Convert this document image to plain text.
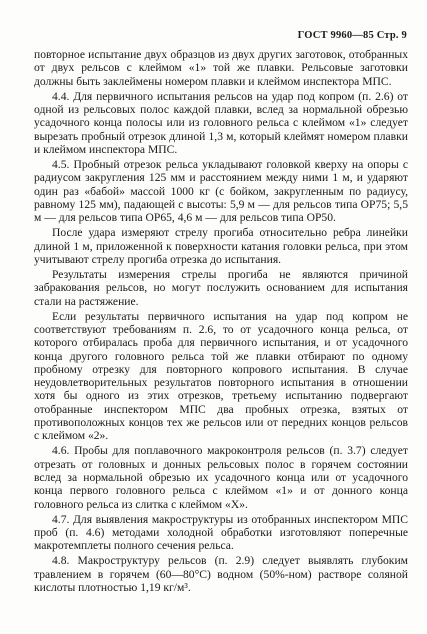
ГОСТ 9960—85 Стр. 9

повторное испытание двух образцов из двух других заготовок, отобранных от двух рельсов с клеймом «1» той же плавки. Рельсовые заготовки должны быть заклеймены номером плавки и клеймом инспектора МПС.

4.4. Для первичного испытания рельсов на удар под копром (п. 2.6) от одной из рельсовых полос каждой плавки, вслед за нормальной обрезью усадочного конца полосы или из головного рельса с клеймом «1» следует вырезать пробный отрезок длиной 1,3 м, который клеймят номером плавки и клеймом инспектора МПС.

4.5. Пробный отрезок рельса укладывают головкой кверху на опоры с радиусом закругления 125 мм и расстоянием между ними 1 м, и ударяют один раз «бабой» массой 1000 кг (с бойком, закругленным по радиусу, равному 125 мм), падающей с высоты: 5,9 м — для рельсов типа ОР75; 5,5 м — для рельсов типа ОР65, 4,6 м — для рельсов типа ОР50.

После удара измеряют стрелу прогиба относительно ребра линейки длиной 1 м, приложенной к поверхности катания головки рельса, при этом учитывают стрелу прогиба отрезка до испытания.

Результаты измерения стрелы прогиба не являются причиной забракования рельсов, но могут послужить основанием для испытания стали на растяжение.

Если результаты первичного испытания на удар под копром не соответствуют требованиям п. 2.6, то от усадочного конца рельса, от которого отбиралась проба для первичного испытания, и от усадочного конца другого головного рельса той же плавки отбирают по одному пробному отрезку для повторного копрового испытания. В случае неудовлетворительных результатов повторного испытания в отношении хотя бы одного из этих отрезков, третьему испытанию подвергают отобранные инспектором МПС два пробных отрезка, взятых от противоположных концов тех же рельсов или от передних концов рельсов с клеймом «2».

4.6. Пробы для поплавочного макроконтроля рельсов (п. 3.7) следует отрезать от головных и донных рельсовых полос в горячем состоянии вслед за нормальной обрезью их усадочного конца или от усадочного конца первого головного рельса с клеймом «1» и от донного конца головного рельса из слитка с клеймом «Х».

4.7. Для выявления макроструктуры из отобранных инспектором МПС проб (п. 4.6) методами холодной обработки изготовляют поперечные макротемплеты полного сечения рельса.

4.8. Макроструктуру рельсов (п. 2.9) следует выявлять глубоким травлением в горячем (60—80°С) водном (50%-ном) растворе соляной кислоты плотностью 1,19 кг/м³.
